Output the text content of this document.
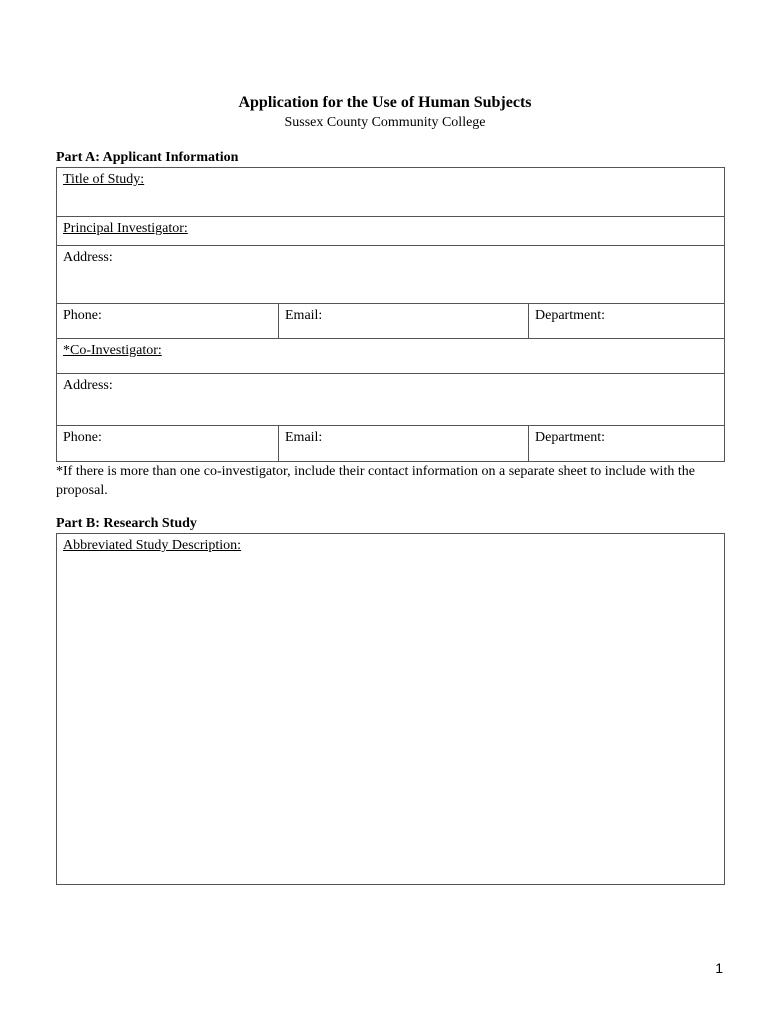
Application for the Use of Human Subjects
Sussex County Community College
Part A: Applicant Information
Title of Study:
Principal Investigator:
Address:
Phone:	Email:	Department:
*Co-Investigator:
Address:
Phone:	Email:	Department:
*If there is more than one co-investigator, include their contact information on a separate sheet to include with the proposal.
Part B: Research Study
Abbreviated Study Description:
1
